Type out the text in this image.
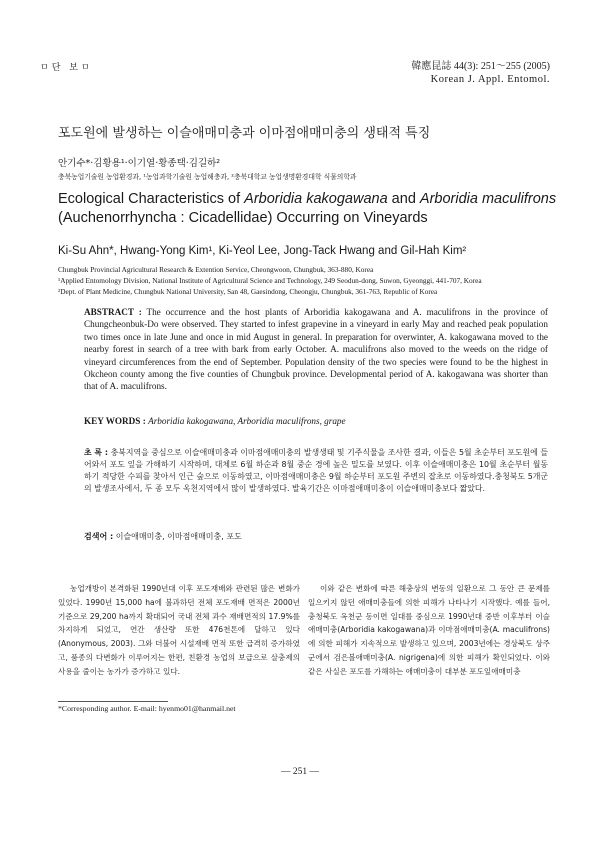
ㅁ단 보ㅁ	韓應昆誌 44(3): 251～255 (2005)
Korean J. Appl. Entomol.
포도원에 발생하는 이슬애매미충과 이마점애매미충의 생태적 특징
안기수*·김황용¹·이기열·황종택·김길하²
충북농업기술원 농업환경과, ¹농업과학기술원 농업해충과, ²충북대학교 농업생명환경대학 식물의학과
Ecological Characteristics of Arboridia kakogawana and Arboridia maculifrons (Auchenorrhyncha : Cicadellidae) Occurring on Vineyards
Ki-Su Ahn*, Hwang-Yong Kim¹, Ki-Yeol Lee, Jong-Tack Hwang and Gil-Hah Kim²
Chungbuk Provincial Agricultural Research & Extention Service, Cheongwoon, Chungbuk, 363-880, Korea
¹Applied Entomology Division, National Institute of Agricultural Science and Technology, 249 Seodun-dong, Suwon, Gyeonggi, 441-707, Korea
²Dept. of Plant Medicine, Chungbuk National University, San 48, Gaesindong, Cheongju, Chungbuk, 361-763, Republic of Korea
ABSTRACT : The occurrence and the host plants of Arboridia kakogawana and A. maculifrons in the province of Chungcheonbuk-Do were observed. They started to infest grapevine in a vineyard in early May and reached peak population two times once in late June and once in mid August in general. In preparation for overwinter, A. kakogawana moved to the nearby forest in search of a tree with bark from early October. A. maculifrons also moved to the weeds on the ridge of vineyard circumferences from the end of September. Population density of the two species were found to be the highest in Okcheon county among the five counties of Chungbuk province. Developmental period of A. kakogawana was shorter than that of A. maculifrons.
KEY WORDS : Arboridia kakogawana, Arboridia maculifrons, grape
초 록 : 충북지역을 중심으로 이슬애매미충과 이마점애매미충의 발생생태 및 기주식물을 조사한 결과, 이들은 5월 초순부터 포도원에 들어와서 포도 잎을 가해하기 시작하며, 대체로 6월 하순과 8월 중순 경에 높은 밀도를 보였다. 이후 이슬애매미충은 10월 초순부터 월동하기 적당한 수피를 찾아서 인근 숲으로 이동하였고, 이마점애매미충은 9월 하순부터 포도원 주변의 잡초로 이동하였다.충청북도 5개군의 발생조사에서, 두 종 모두 옥천지역에서 많이 발생하였다. 발육기간은 이마점애매미충이 이슬애매미충보다 짧았다.
검색어 : 이슬애매미충, 이마점애매미충, 포도

농업개방이 본격화된 1990년대 이후 포도재배와 관련된 많은 변화가 있었다. 1990년 15,000 ha에 불과하던 전체 포도재배 면적은 2000년 기준으로 29,200 ha까지 확대되어 국내 전체 과수 재배면적의 17.9%를 차지하게 되었고, 연간 생산량 또한 476천톤에 달하고 있다(Anonymous, 2003). 그와 더불어 시설재배 면적 또한 급격히 증가하였고, 품종의 다변화가 이루어지는 한편, 친환경 농업의 보급으로 살충제의 사용을 줄이는 농가가 증가하고 있다.

이와 같은 변화에 따른 해충상의 변동의 일환으로 그 동안 큰 문제를 일으키지 않던 애매미충들에 의한 피해가 나타나기 시작했다. 예를 들어, 충청북도 옥천군 동이면 일대를 중심으로 1990년대 중반 이후부터 이슬애매미충(Arboridia kakogawana)과 이마점애매미충(A. maculifrons)에 의한 피해가 지속적으로 발생하고 있으며, 2003년에는 경상북도 상주군에서 검은볼애매미충(A. nigrigena)에 의한 피해가 확인되었다. 이와 같은 사실은 포도를 가해하는 애매미충이 대부분 포도잎애매미충

*Corresponding author. E-mail: hyenmo01@hanmail.net
— 251 —
